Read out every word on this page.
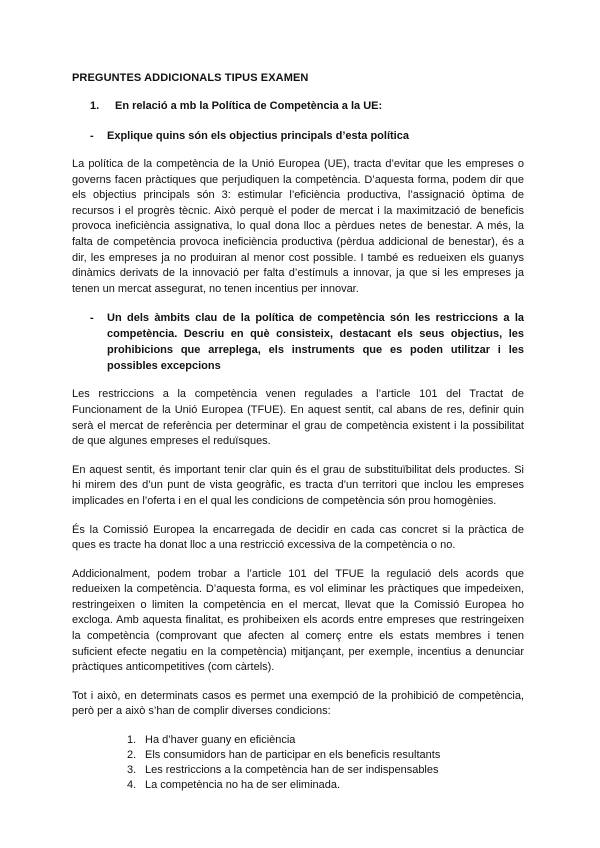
PREGUNTES ADDICIONALS TIPUS EXAMEN
1.	En relació a mb la Política de Competència a la UE:
-	Explique quins són els objectius principals d’esta política

La política de la competència de la Unió Europea (UE), tracta d’evitar que les empreses o governs facen pràctiques que perjudiquen la competència. D’aquesta forma, podem dir que els objectius principals són 3: estimular l’eficiència productiva, l’assignació òptima de recursos i el progrès tècnic. Això perquè el poder de mercat i la maximització de beneficis provoca ineficiència assignativa, lo qual dona lloc a pèrdues netes de benestar. A més, la falta de competència provoca ineficiència productiva (pèrdua addicional de benestar), és a dir, les empreses ja no produiran al menor cost possible. I també es redueixen els guanys dinàmics derivats de la innovació per falta d’estímuls a innovar, ja que si les empreses ja tenen un mercat assegurat, no tenen incentius per innovar.

-	Un dels àmbits clau de la política de competència són les restriccions a la competència. Descriu en què consisteix, destacant els seus objectius, les prohibicions que arreplega, els instruments que es poden utilitzar i les possibles excepcions

Les restriccions a la competència venen regulades a l’article 101 del Tractat de Funcionament de la Unió Europea (TFUE). En aquest sentit, cal abans de res, definir quin serà el mercat de referència per determinar el grau de competència existent i la possibilitat de que algunes empreses el reduïsques.

En aquest sentit, és important tenir clar quin és el grau de substituïbilitat dels productes. Si hi mirem des d’un punt de vista geogràfic, es tracta d’un territori que inclou les empreses implicades en l’oferta i en el qual les condicions de competència són prou homogènies.

És la Comissió Europea la encarregada de decidir en cada cas concret si la pràctica de ques es tracte ha donat lloc a una restricció excessiva de la competència o no.

Addicionalment, podem trobar a l’article 101 del TFUE la regulació dels acords que redueixen la competència. D’aquesta forma, es vol eliminar les pràctiques que impedeixen, restringeixen o limiten la competència en el mercat, llevat que la Comissió Europea ho excloga. Amb aquesta finalitat, es prohibeixen els acords entre empreses que restringeixen la competència (comprovant que afecten al comerç entre els estats membres i tenen suficient efecte negatiu en la competència) mitjançant, per exemple, incentius a denunciar pràctiques anticompetitives (com càrtels).

Tot i això, en determinats casos es permet una exempció de la prohibició de competència, però per a això s’han de complir diverses condicions:

1. Ha d’haver guany en eficiència
2. Els consumidors han de participar en els beneficis resultants
3. Les restriccions a la competència han de ser indispensables
4. La competència no ha de ser eliminada.
